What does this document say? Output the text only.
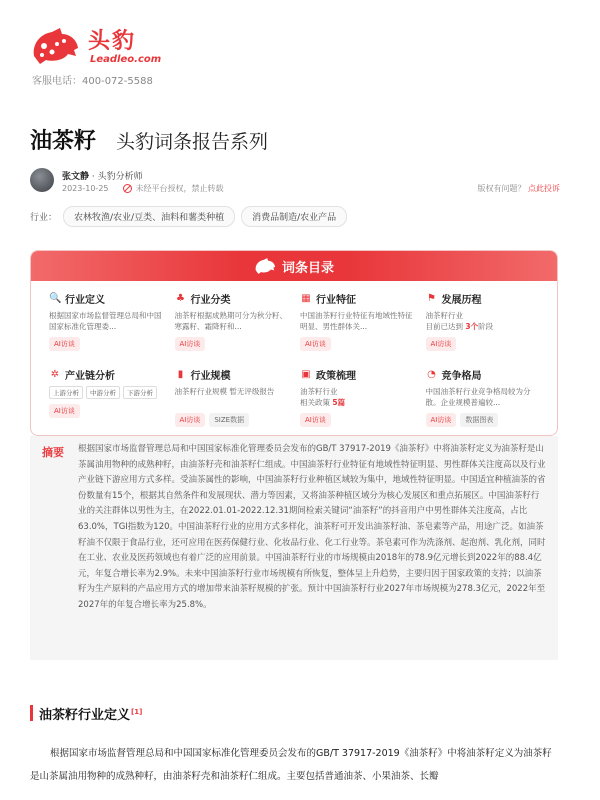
头豹
Leadleo.com
客服电话：400-072-5588
油茶籽 头豹词条报告系列
张文静 · 头豹分析师
2023-10-25	未经平台授权，禁止转载	版权有问题？ 点此投诉
行业：	农林牧渔/农业/豆类、油料和薯类种植	消费品制造/农业产品
词条目录
🔍 行业定义
根据国家市场监督管理总局和中国国家标准化管理委...
AI访谈
♣ 行业分类
油茶籽根据成熟期可分为秋分籽、寒露籽、霜降籽和...
AI访谈
▦ 行业特征
中国油茶籽行业特征有地域性特征明显、男性群体关...
AI访谈
⚑ 发展历程
油茶籽行业
目前已达到 3个阶段
AI访谈
✲ 产业链分析
上游分析	中游分析	下游分析
AI访谈
▮ 行业规模
油茶籽行业规模 暂无评级报告
AI访谈	SIZE数据
▣ 政策梳理
油茶籽行业
相关政策 5篇
AI访谈
◔ 竞争格局
中国油茶籽行业竞争格局较为分散。企业规模普遍较...
AI访谈	数据图表
摘要 根据国家市场监督管理总局和中国国家标准化管理委员会发布的GB/T 37917-2019《油茶籽》中将油茶籽定义为油茶籽是山茶属油用物种的成熟种籽，由油茶籽壳和油茶籽仁组成。中国油茶籽行业特征有地域性特征明显、男性群体关注度高以及行业产业链下游应用方式多样。受油茶属性的影响，中国油茶籽行业种植区域较为集中，地域性特征明显。中国适宜种植油茶的省份数量有15个，根据其自然条件和发展现状、潜力等因素，又将油茶种植区域分为核心发展区和重点拓展区。中国油茶籽行业的关注群体以男性为主，在2022.01.01-2022.12.31期间检索关键词“油茶籽”的抖音用户中男性群体关注度高，占比63.0%，TGI指数为120。中国油茶籽行业的应用方式多样化，油茶籽可开发出油茶籽油、茶皂素等产品，用途广泛。如油茶籽油不仅限于食品行业，还可应用在医药保健行业、化妆品行业、化工行业等。茶皂素可作为洗涤剂、起泡剂、乳化剂，同时在工业、农业及医药领域也有着广泛的应用前景。中国油茶籽行业的市场规模由2018年的78.9亿元增长到2022年的88.4亿元，年复合增长率为2.9%。未来中国油茶籽行业市场规模有所恢复，整体呈上升趋势，主要归因于国家政策的支持；以油茶籽为生产原料的产品应用方式的增加带来油茶籽规模的扩张。预计中国油茶籽行业2027年市场规模为278.3亿元，2022年至2027年的年复合增长率为25.8%。

油茶籽行业定义[1]

根据国家市场监督管理总局和中国国家标准化管理委员会发布的GB/T 37917-2019《油茶籽》中将油茶籽定义为油茶籽是山茶属油用物种的成熟种籽，由油茶籽壳和油茶籽仁组成。主要包括普通油茶、小果油茶、长瓣
